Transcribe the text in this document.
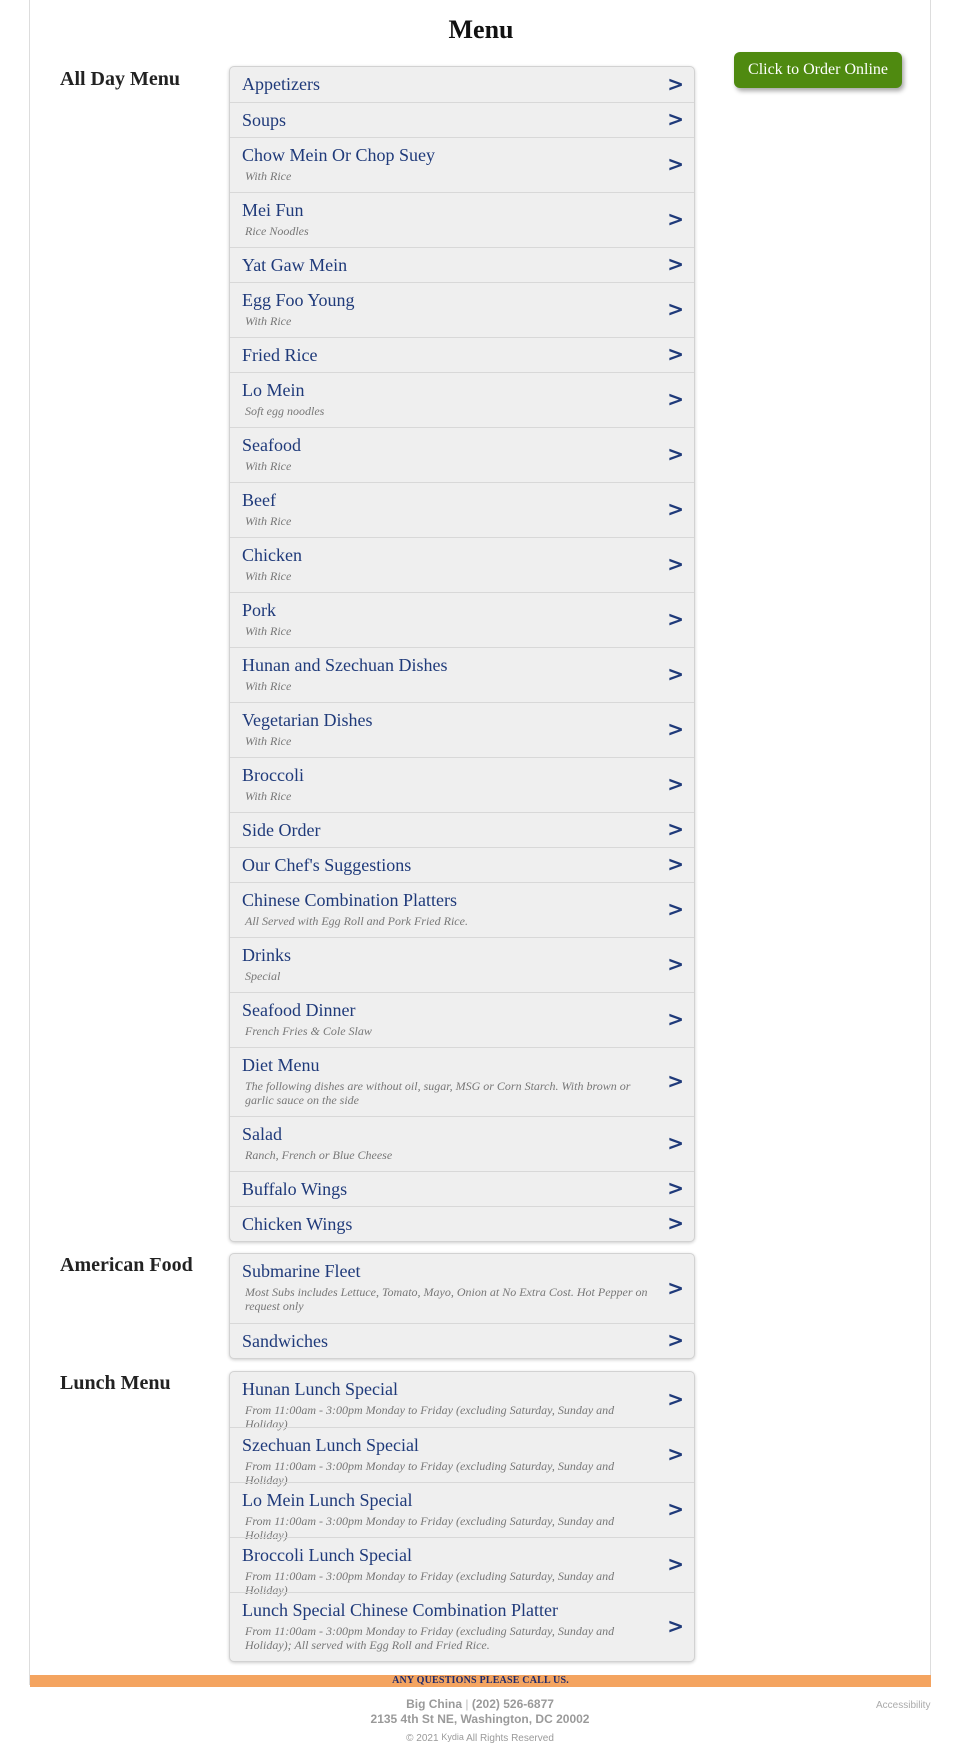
Menu
Click to Order Online
All Day Menu	Appetizers	>
Soups	>
Chow Mein Or Chop Suey
With Rice
>
Mei Fun
Rice Noodles
>
Yat Gaw Mein	>
Egg Foo Young
With Rice
>
Fried Rice	>
Lo Mein
Soft egg noodles
>
Seafood
With Rice
>
Beef
With Rice
>
Chicken
With Rice
>
Pork
With Rice
>
Hunan and Szechuan Dishes
With Rice
>
Vegetarian Dishes
With Rice
>
Broccoli
With Rice
>
Side Order	>
Our Chef's Suggestions	>
Chinese Combination Platters
All Served with Egg Roll and Pork Fried Rice.
>
Drinks
Special
>
Seafood Dinner
French Fries & Cole Slaw
>
Diet Menu
The following dishes are without oil, sugar, MSG or Corn Starch. With brown or garlic sauce on the side
>
Salad
Ranch, French or Blue Cheese
>
Buffalo Wings	>
Chicken Wings	>
American Food	Submarine Fleet
Most Subs includes Lettuce, Tomato, Mayo, Onion at No Extra Cost. Hot Pepper on request only
>
Sandwiches	>
Lunch Menu	Hunan Lunch Special
From 11:00am - 3:00pm Monday to Friday (excluding Saturday, Sunday and Holiday)
>
Szechuan Lunch Special
From 11:00am - 3:00pm Monday to Friday (excluding Saturday, Sunday and Holiday)
>
Lo Mein Lunch Special
From 11:00am - 3:00pm Monday to Friday (excluding Saturday, Sunday and Holiday)
>
Broccoli Lunch Special
From 11:00am - 3:00pm Monday to Friday (excluding Saturday, Sunday and Holiday)
>
Lunch Special Chinese Combination Platter
From 11:00am - 3:00pm Monday to Friday (excluding Saturday, Sunday and Holiday); All served with Egg Roll and Fried Rice.
>
ANY QUESTIONS PLEASE CALL US.
Big China | (202) 526-6877
2135 4th St NE, Washington, DC 20002
© 2021 Kydia All Rights Reserved
Accessibility
